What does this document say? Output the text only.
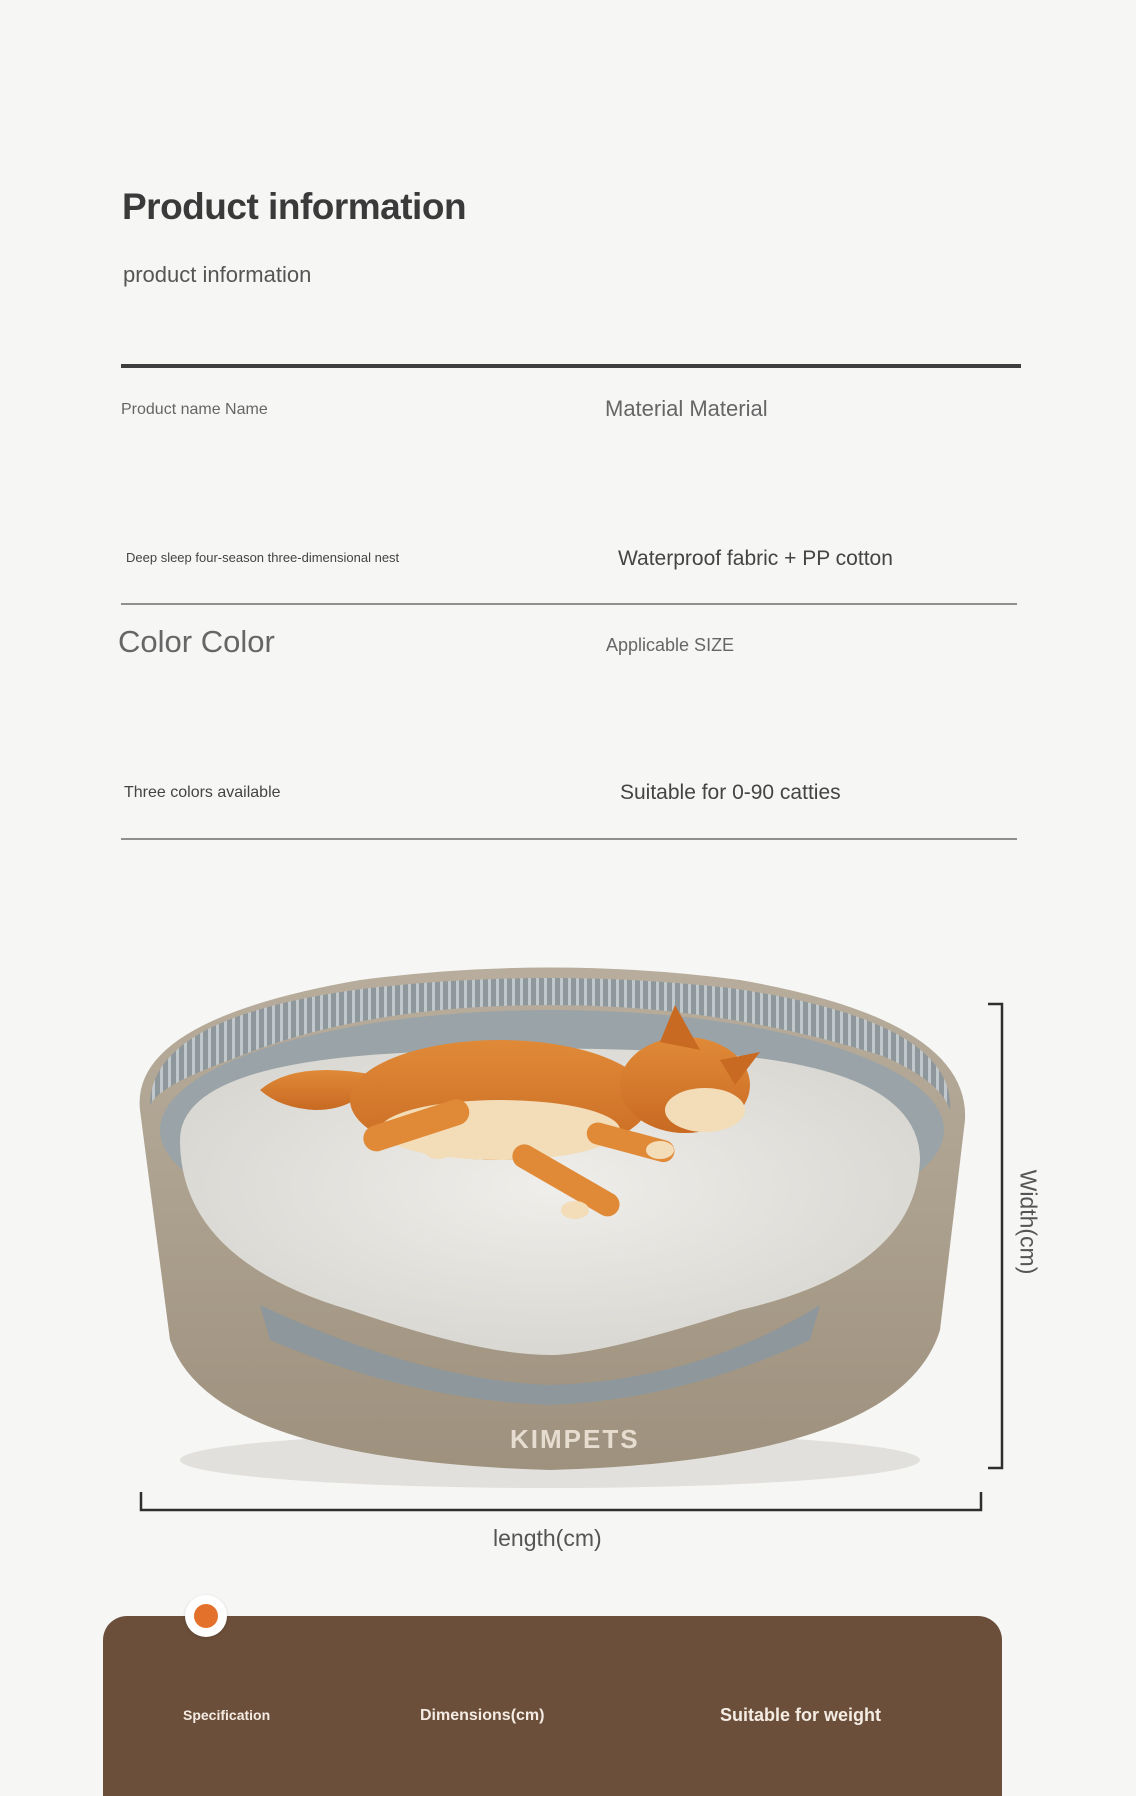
Product information
product information
Product name Name	Material Material
Deep sleep four-season three-dimensional nest	Waterproof fabric + PP cotton
Color Color	Applicable SIZE
Three colors available	Suitable for 0-90 catties
KIMPETS
length(cm)
Width(cm)
Specification	Dimensions(cm)	Suitable for weight
